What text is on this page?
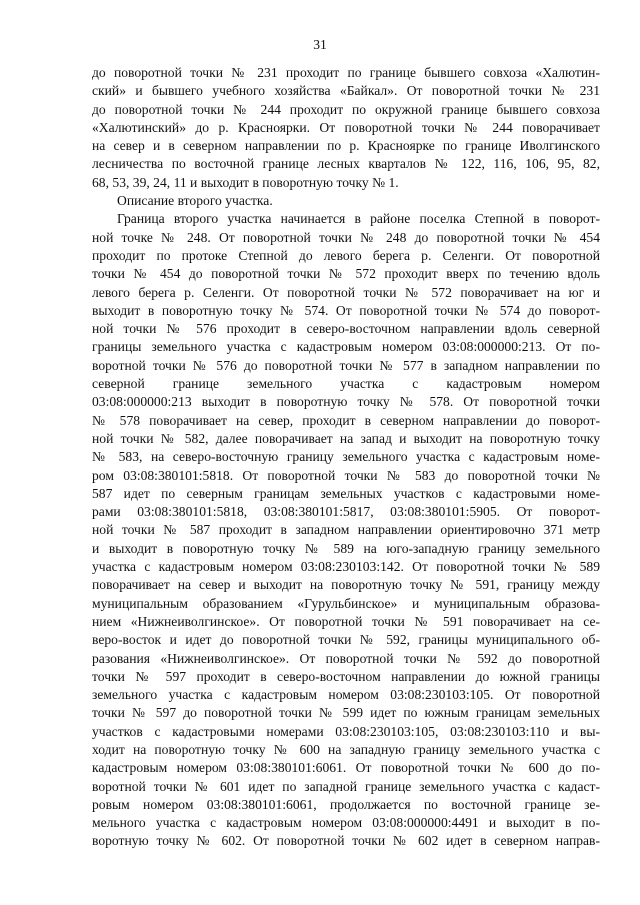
31
до поворотной точки № 231 проходит по границе бывшего совхоза «Халютин-
ский» и бывшего учебного хозяйства «Байкал». От поворотной точки № 231
до поворотной точки № 244 проходит по окружной границе бывшего совхоза
«Халютинский» до р. Красноярки. От поворотной точки № 244 поворачивает
на север и в северном направлении по р. Красноярке по границе Иволгинского
лесничества по восточной границе лесных кварталов № 122, 116, 106, 95, 82,
68, 53, 39, 24, 11 и выходит в поворотную точку № 1.
Описание второго участка.
Граница второго участка начинается в районе поселка Степной в поворот-
ной точке № 248. От поворотной точки № 248 до поворотной точки № 454
проходит по протоке Степной до левого берега р. Селенги. От поворотной
точки № 454 до поворотной точки № 572 проходит вверх по течению вдоль
левого берега р. Селенги. От поворотной точки № 572 поворачивает на юг и
выходит в поворотную точку № 574. От поворотной точки № 574 до поворот-
ной точки № 576 проходит в северо-восточном направлении вдоль северной
границы земельного участка с кадастровым номером 03:08:000000:213. От по-
воротной точки № 576 до поворотной точки № 577 в западном направлении по
северной границе земельного участка с кадастровым номером
03:08:000000:213 выходит в поворотную точку № 578. От поворотной точки
№ 578 поворачивает на север, проходит в северном направлении до поворот-
ной точки № 582, далее поворачивает на запад и выходит на поворотную точку
№ 583, на северо-восточную границу земельного участка с кадастровым номе-
ром 03:08:380101:5818. От поворотной точки № 583 до поворотной точки №
587 идет по северным границам земельных участков с кадастровыми номе-
рами 03:08:380101:5818, 03:08:380101:5817, 03:08:380101:5905. От поворот-
ной точки № 587 проходит в западном направлении ориентировочно 371 метр
и выходит в поворотную точку № 589 на юго-западную границу земельного
участка с кадастровым номером 03:08:230103:142. От поворотной точки № 589
поворачивает на север и выходит на поворотную точку № 591, границу между
муниципальным образованием «Гурульбинское» и муниципальным образова-
нием «Нижнеиволгинское». От поворотной точки № 591 поворачивает на се-
веро-восток и идет до поворотной точки № 592, границы муниципального об-
разования «Нижнеиволгинское». От поворотной точки № 592 до поворотной
точки № 597 проходит в северо-восточном направлении до южной границы
земельного участка с кадастровым номером 03:08:230103:105. От поворотной
точки № 597 до поворотной точки № 599 идет по южным границам земельных
участков с кадастровыми номерами 03:08:230103:105, 03:08:230103:110 и вы-
ходит на поворотную точку № 600 на западную границу земельного участка с
кадастровым номером 03:08:380101:6061. От поворотной точки № 600 до по-
воротной точки № 601 идет по западной границе земельного участка с кадаст-
ровым номером 03:08:380101:6061, продолжается по восточной границе зе-
мельного участка с кадастровым номером 03:08:000000:4491 и выходит в по-
воротную точку № 602. От поворотной точки № 602 идет в северном направ-
